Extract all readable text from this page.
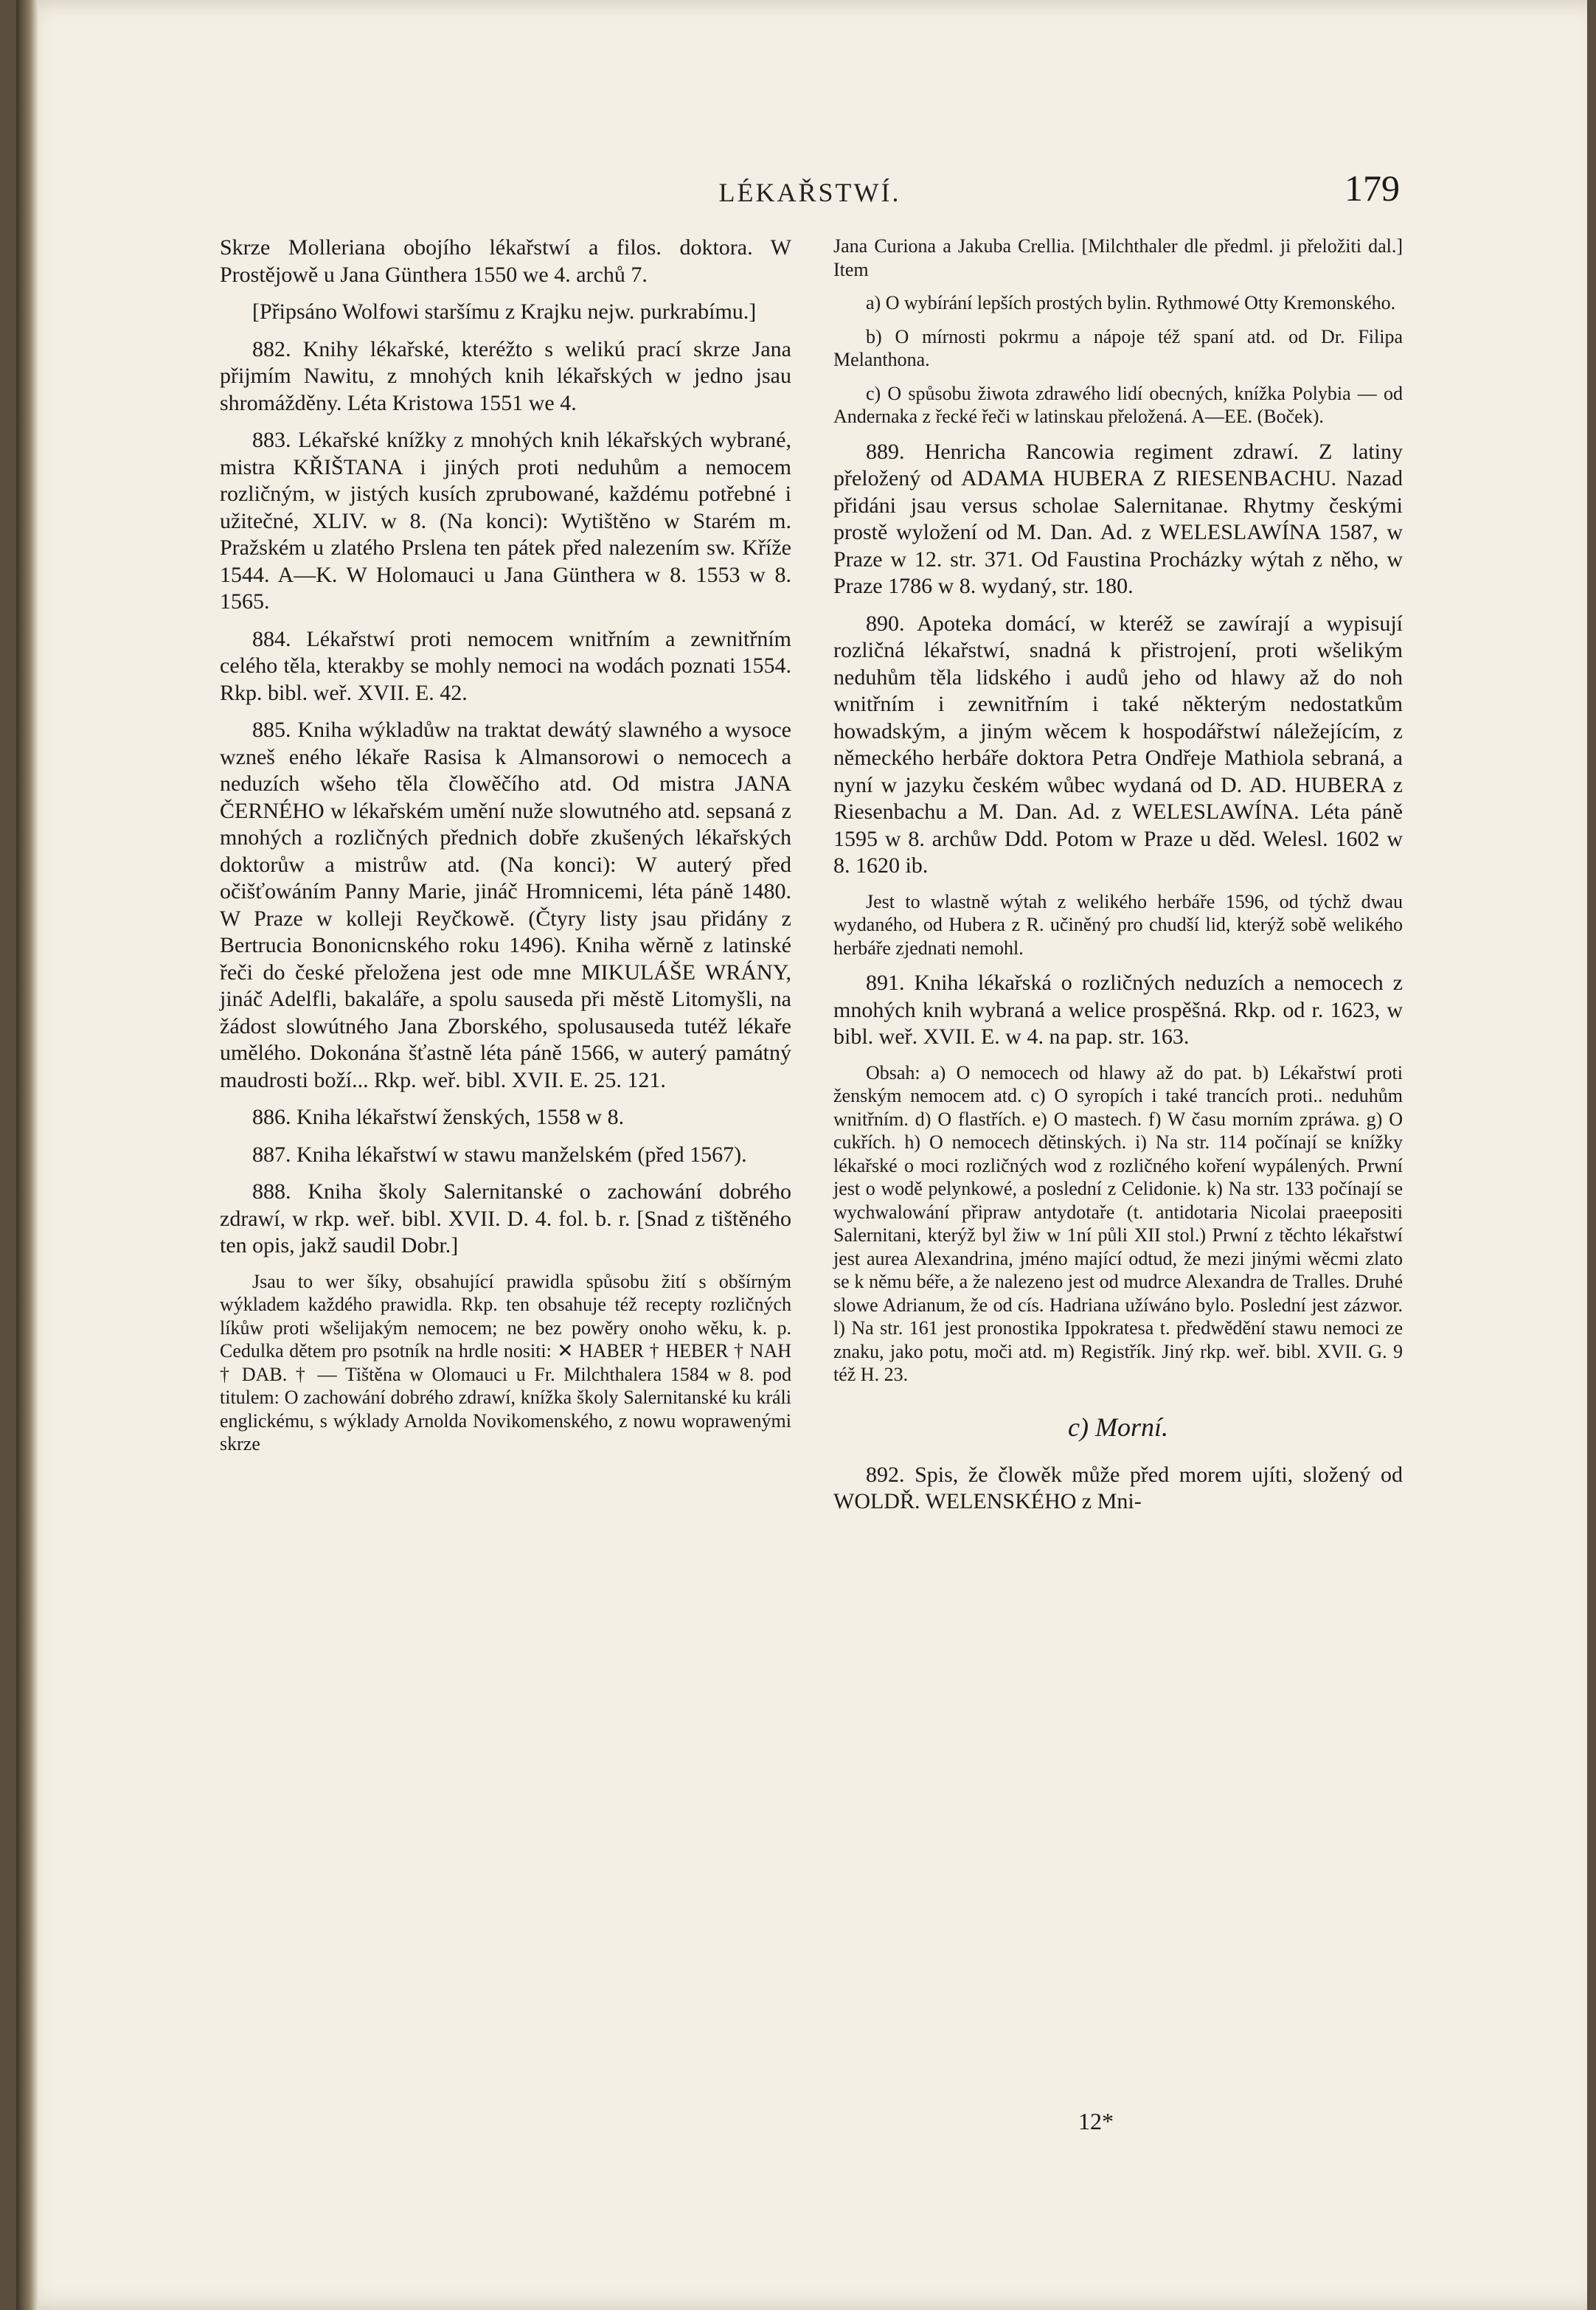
LÉKAŘSTWÍ.	179

Skrze Molleriana obojího lékařstwí a filos. doktora. W Prostějowě u Jana Günthera 1550 we 4. archů 7.

[Připsáno Wolfowi staršímu z Krajku nejw. purkrabímu.]

882. Knihy lékařské, kteréžto s welikú prací skrze Jana přijmím Nawitu, z mnohých knih lékařských w jedno jsau shromážděny. Léta Kristowa 1551 we 4.

883. Lékařské knížky z mnohých knih lékařských wybrané, mistra KŘIŠTANA i jiných proti neduhům a nemocem rozličným, w jistých kusích zprubowané, každému potřebné i užitečné, XLIV. w 8. (Na konci): Wytištěno w Starém m. Pražském u zlatého Prslena ten pátek před nalezením sw. Kříže 1544. A—K. W Holomauci u Jana Günthera w 8. 1553 w 8. 1565.

884. Lékařstwí proti nemocem wnitřním a zewnitřním celého těla, kterakby se mohly nemoci na wodách poznati 1554. Rkp. bibl. weř. XVII. E. 42.

885. Kniha wýkladůw na traktat dewátý slawného a wysoce wzneš eného lékaře Rasisa k Almansorowi o nemocech a neduzích wšeho těla člowěčího atd. Od mistra JANA ČERNÉHO w lékařském umění nuže slowutného atd. sepsaná z mnohých a rozličných přednich dobře zkušených lékařských doktorůw a mistrůw atd. (Na konci): W auterý před očišťowáním Panny Marie, jináč Hromnicemi, léta páně 1480. W Praze w kolleji Reyčkowě. (Čtyry listy jsau přidány z Bertrucia Bononicnského roku 1496). Kniha wěrně z latinské řeči do české přeložena jest ode mne MIKULÁŠE WRÁNY, jináč Adelfli, bakaláře, a spolu sauseda při městě Litomyšli, na žádost slowútného Jana Zborského, spolusauseda tutéž lékaře umělého. Dokonána šťastně léta páně 1566, w auterý památný maudrosti boží... Rkp. weř. bibl. XVII. E. 25. 121.

886. Kniha lékařstwí ženských, 1558 w 8.

887. Kniha lékařstwí w stawu manželském (před 1567).

888. Kniha školy Salernitanské o zachowání dobrého zdrawí, w rkp. weř. bibl. XVII. D. 4. fol. b. r. [Snad z tištěného ten opis, jakž saudil Dobr.]

Jsau to wer šíky, obsahující prawidla spůsobu žití s obšírným wýkladem každého prawidla. Rkp. ten obsahuje též recepty rozličných líkůw proti wšelijakým nemocem; ne bez powěry onoho wěku, k. p. Cedulka dětem pro psotník na hrdle nositi: ✕ HABER † HEBER † NAH † DAB. † — Tištěna w Olomauci u Fr. Milchthalera 1584 w 8. pod titulem: O zachowání dobrého zdrawí, knížka školy Salernitanské ku králi englickému, s wýklady Arnolda Novikomenského, z nowu woprawenými skrze

Jana Curiona a Jakuba Crellia. [Milchthaler dle předml. ji přeložiti dal.] Item

a) O wybírání lepších prostých bylin. Rythmowé Otty Kremonského.

b) O mírnosti pokrmu a nápoje též spaní atd. od Dr. Filipa Melanthona.

c) O spůsobu žiwota zdrawého lidí obecných, knížka Polybia — od Andernaka z řecké řeči w latinskau přeložená. A—EE. (Boček).

889. Henricha Rancowia regiment zdrawí. Z latiny přeložený od ADAMA HUBERA Z RIESENBACHU. Nazad přidáni jsau versus scholae Salernitanae. Rhytmy českými prostě wyložení od M. Dan. Ad. z WELESLAWÍNA 1587, w Praze w 12. str. 371. Od Faustina Procházky wýtah z něho, w Praze 1786 w 8. wydaný, str. 180.

890. Apoteka domácí, w kteréž se zawírají a wypisují rozličná lékařstwí, snadná k přistrojení, proti wšelikým neduhům těla lidského i audů jeho od hlawy až do noh wnitřním i zewnitřním i také některým nedostatkům howadským, a jiným wěcem k hospodářstwí náležejícím, z německého herbáře doktora Petra Ondřeje Mathiola sebraná, a nyní w jazyku českém wůbec wydaná od D. AD. HUBERA z Riesenbachu a M. Dan. Ad. z WELESLAWÍNA. Léta páně 1595 w 8. archůw Ddd. Potom w Praze u děd. Welesl. 1602 w 8. 1620 ib.

Jest to wlastně wýtah z welikého herbáře 1596, od týchž dwau wydaného, od Hubera z R. učiněný pro chudší lid, kterýž sobě welikého herbáře zjednati nemohl.

891. Kniha lékařská o rozličných neduzích a nemocech z mnohých knih wybraná a welice prospěšná. Rkp. od r. 1623, w bibl. weř. XVII. E. w 4. na pap. str. 163.

Obsah: a) O nemocech od hlawy až do pat. b) Lékařstwí proti ženským nemocem atd. c) O syropích i také trancích proti.. neduhům wnitřním. d) O flastřích. e) O mastech. f) W času morním zpráwa. g) O cukřích. h) O nemocech dětinských. i) Na str. 114 počínají se knížky lékařské o moci rozličných wod z rozličného koření wypálených. Prwní jest o wodě pelynkowé, a poslední z Celidonie. k) Na str. 133 počínají se wychwalowání připraw antydotaře (t. antidotaria Nicolai praeepositi Salernitani, kterýž byl žiw w 1ní půli XII stol.) Prwní z těchto lékařstwí jest aurea Alexandrina, jméno mající odtud, že mezi jinými wěcmi zlato se k němu béře, a že nalezeno jest od mudrce Alexandra de Tralles. Druhé slowe Adrianum, že od cís. Hadriana užíwáno bylo. Poslední jest zázwor. l) Na str. 161 jest pronostika Ippokratesa t. předwědění stawu nemoci ze znaku, jako potu, moči atd. m) Registřík. Jiný rkp. weř. bibl. XVII. G. 9 též H. 23.

c) Morní.

892. Spis, že člowěk může před morem ujíti, složený od WOLDŘ. WELENSKÉHO z Mni-

12*
